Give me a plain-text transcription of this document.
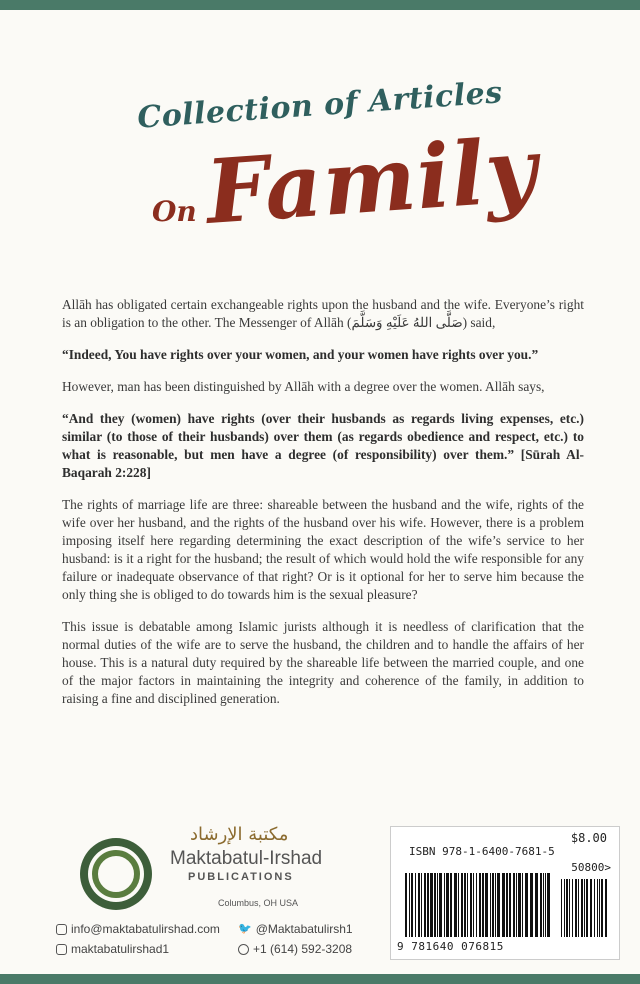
Collection of Articles
On Family

Allāh has obligated certain exchangeable rights upon the husband and the wife. Everyone’s right is an obligation to the other. The Messenger of Allāh (صَلَّى اللهُ عَلَيْهِ وَسَلَّمَ) said,

“Indeed, You have rights over your women, and your women have rights over you.”

However, man has been distinguished by Allāh with a degree over the women. Allāh says,

“And they (women) have rights (over their husbands as regards living expenses, etc.) similar (to those of their husbands) over them (as regards obedience and respect, etc.) to what is reasonable, but men have a degree (of responsibility) over them.” [Sūrah Al-Baqarah 2:228]

The rights of marriage life are three: shareable between the husband and the wife, rights of the wife over her husband, and the rights of the husband over his wife. However, there is a problem imposing itself here regarding determining the exact description of the wife’s service to her husband: is it a right for the husband; the result of which would hold the wife responsible for any failure or inadequate observance of that right? Or is it optional for her to serve him because the only thing she is obliged to do towards him is the sexual pleasure?

This issue is debatable among Islamic jurists although it is needless of clarification that the normal duties of the wife are to serve the husband, the children and to handle the affairs of her house. This is a natural duty required by the shareable life between the married couple, and one of the major factors in maintaining the integrity and coherence of the family, in addition to raising a fine and disciplined generation.

مكتبة الإرشاد
Maktabatul-Irshad
PUBLICATIONS
Columbus, OH USA
info@maktabatulirshad.com
maktabatulirshad1
🐦 @Maktabatulirsh1
+1 (614) 592-3208
$8.00
ISBN 978-1-6400-7681-5
50800>
9 781640 076815
